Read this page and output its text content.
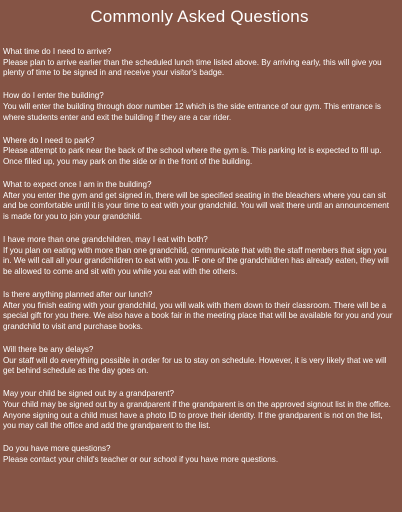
Commonly Asked Questions

What time do I need to arrive?

Please plan to arrive earlier than the scheduled lunch time listed above. By arriving early, this will give you plenty of time to be signed in and receive your visitor's badge.

How do I enter the building?

You will enter the building through door number 12 which is the side entrance of our gym. This entrance is where students enter and exit the building if they are a car rider.

Where do I need to park?

Please attempt to park near the back of the school where the gym is. This parking lot is expected to fill up. Once filled up, you may park on the side or in the front of the building.

What to expect once I am in the building?

After you enter the gym and get signed in, there will be specified seating in the bleachers where you can sit and be comfortable until it is your time to eat with your grandchild. You will wait there until an announcement is made for you to join your grandchild.

I have more than one grandchildren, may I eat with both?

If you plan on eating with more than one grandchild, communicate that with the staff members that sign you in. We will call all your grandchildren to eat with you. IF one of the grandchildren has already eaten, they will be allowed to come and sit with you while you eat with the others.

Is there anything planned after our lunch?

After you finish eating with your grandchild, you will walk with them down to their classroom. There will be a special gift for you there. We also have a book fair in the meeting place that will be available for you and your grandchild to visit and purchase books.

Will there be any delays?

Our staff will do everything possible in order for us to stay on schedule. However, it is very likely that we will get behind schedule as the day goes on.

May your child be signed out by a grandparent?

Your child may be signed out by a grandparent if the grandparent is on the approved signout list in the office. Anyone signing out a child must have a photo ID to prove their identity. If the grandparent is not on the list, you may call the office and add the grandparent to the list.

Do you have more questions?

Please contact your child's teacher or our school if you have more questions.
